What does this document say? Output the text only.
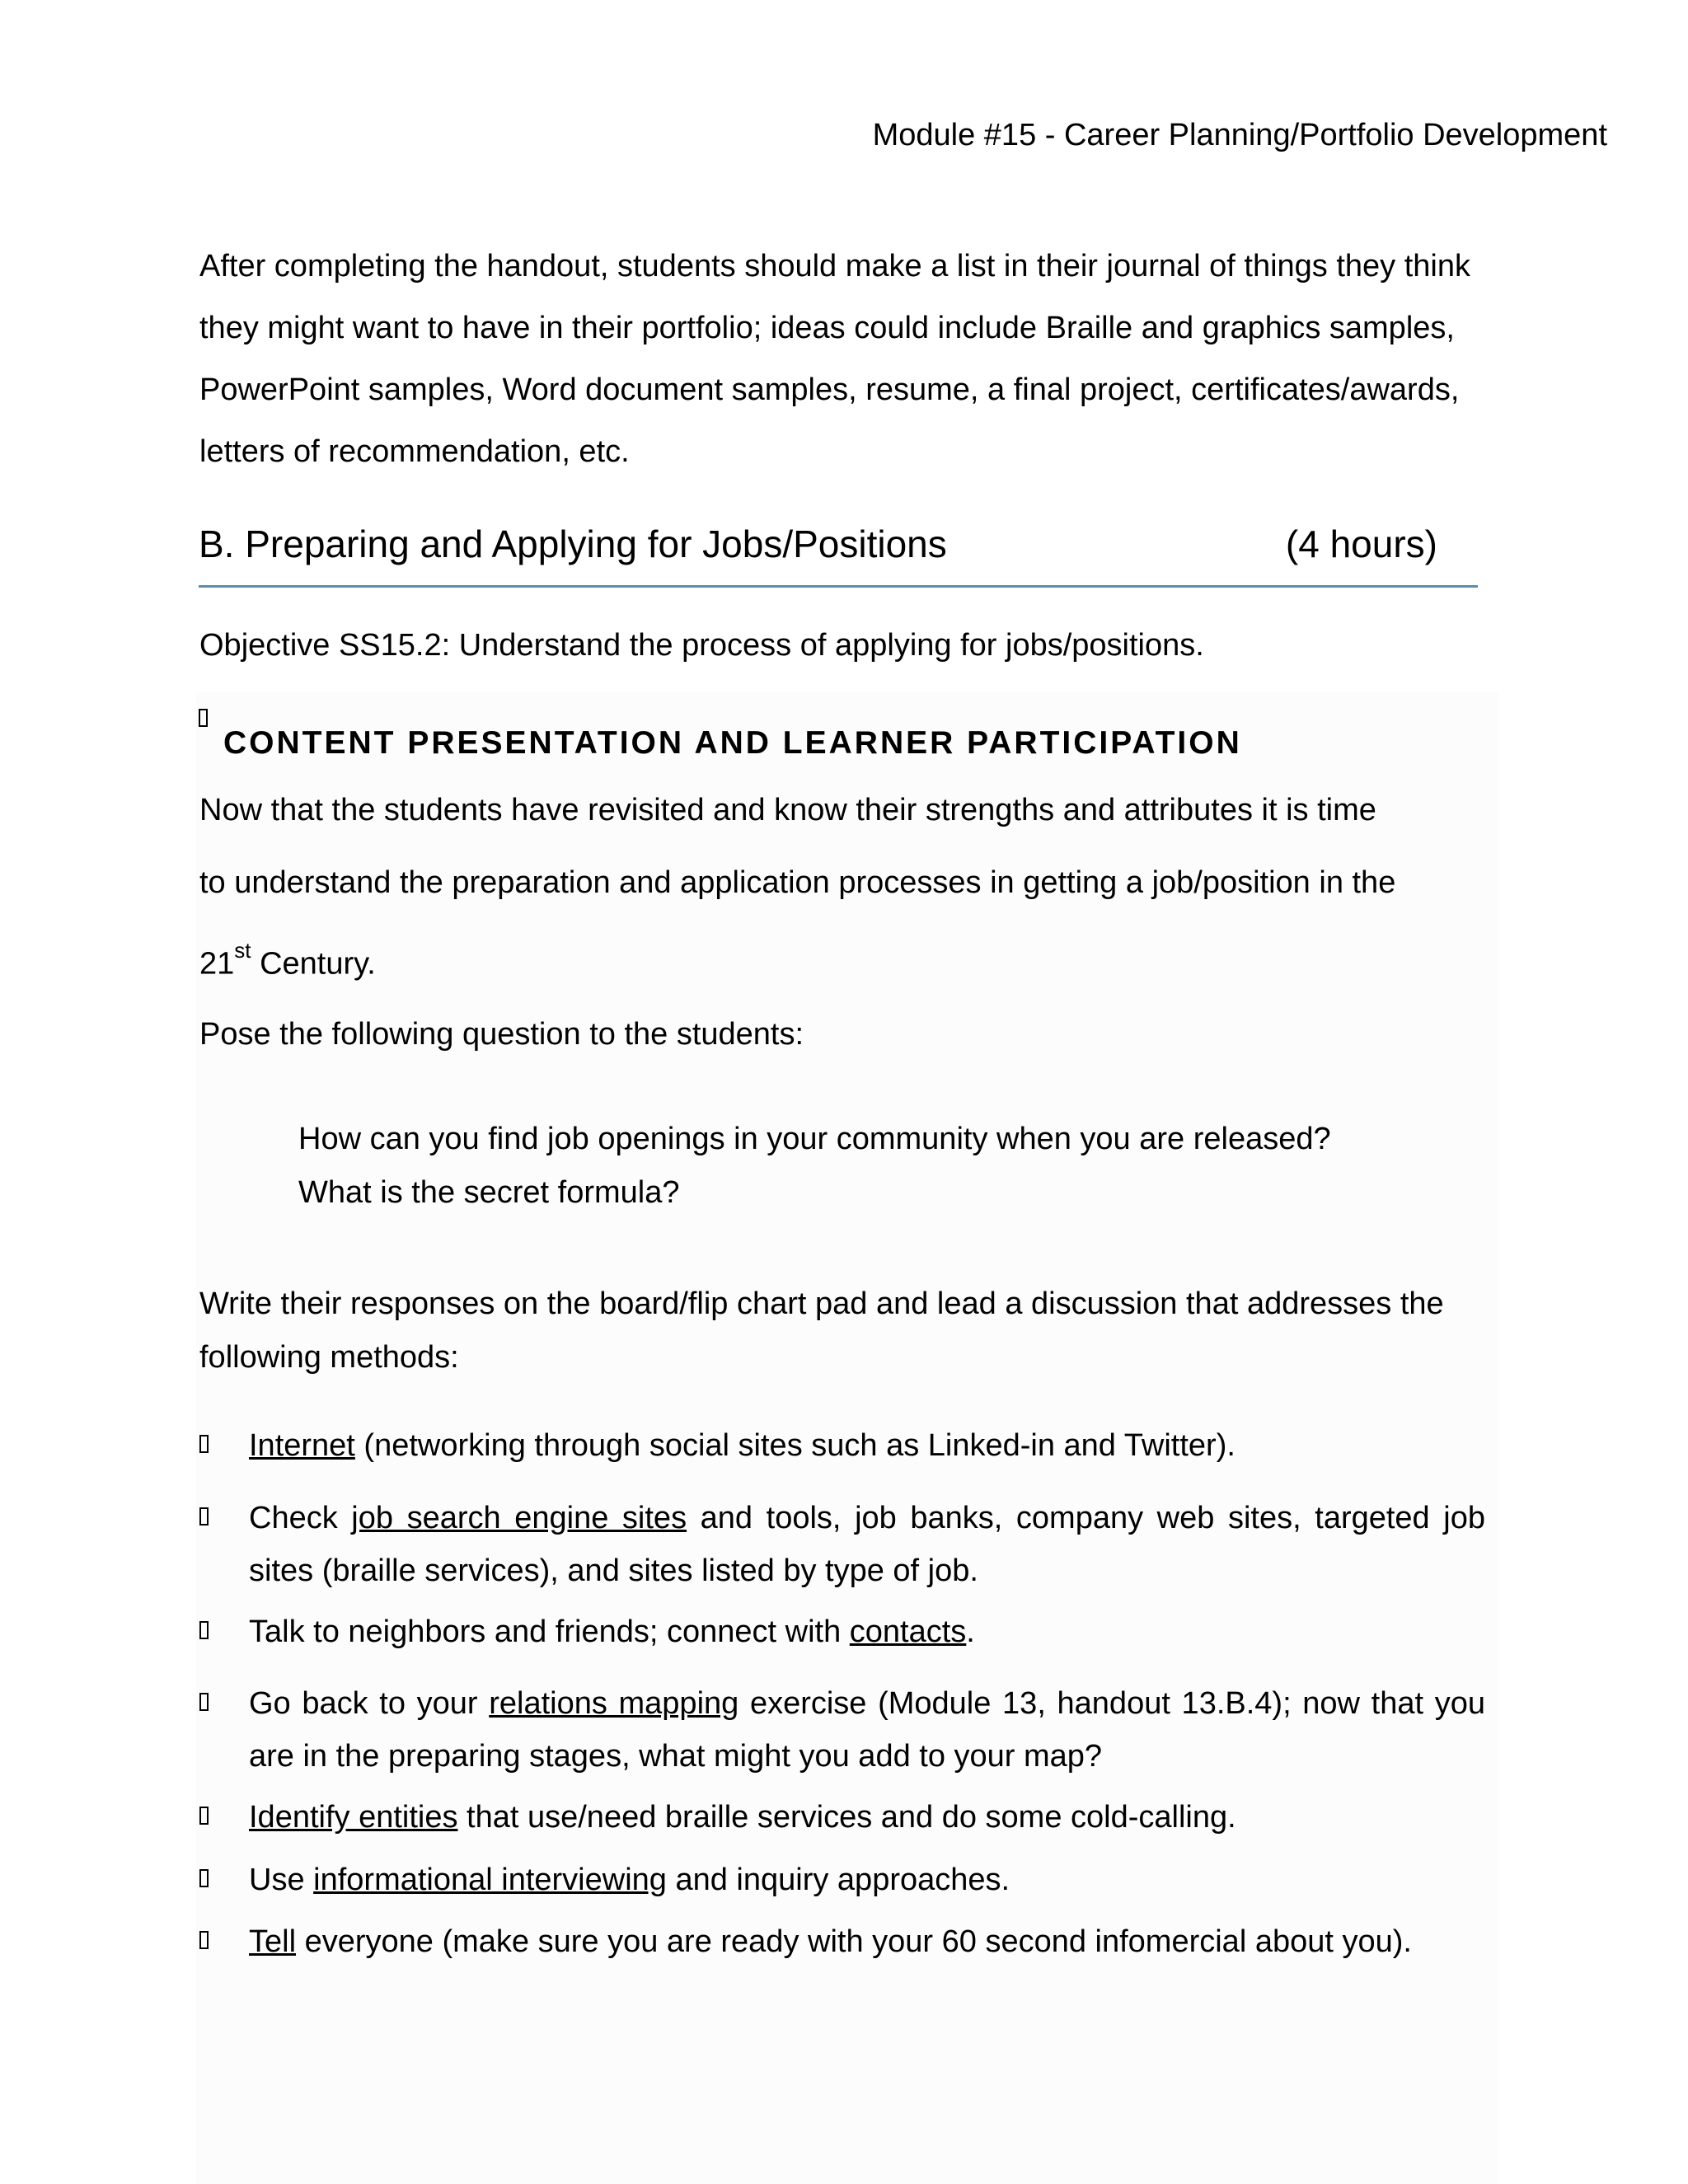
Module #15 - Career Planning/Portfolio Development

After completing the handout, students should make a list in their journal of things they think they might want to have in their portfolio; ideas could include Braille and graphics samples, PowerPoint samples, Word document samples, resume, a final project, certificates/awards, letters of recommendation, etc.

B. Preparing and Applying for Jobs/Positions	(4 hours)
Objective SS15.2: Understand the process of applying for jobs/positions.
CONTENT PRESENTATION AND LEARNER PARTICIPATION
Now that the students have revisited and know their strengths and attributes it is time
to understand the preparation and application processes in getting a job/position in the
21st Century.
Pose the following question to the students:
How can you find job openings in your community when you are released?
What is the secret formula?

Write their responses on the board/flip chart pad and lead a discussion that addresses the following methods:

Internet (networking through social sites such as Linked-in and Twitter).
Check job search engine sites and tools, job banks, company web sites, targeted job sites (braille services), and sites listed by type of job.
Talk to neighbors and friends; connect with contacts.
Go back to your relations mapping exercise (Module 13, handout 13.B.4); now that you are in the preparing stages, what might you add to your map?
Identify entities that use/need braille services and do some cold-calling.
Use informational interviewing and inquiry approaches.
Tell everyone (make sure you are ready with your 60 second infomercial about you).
